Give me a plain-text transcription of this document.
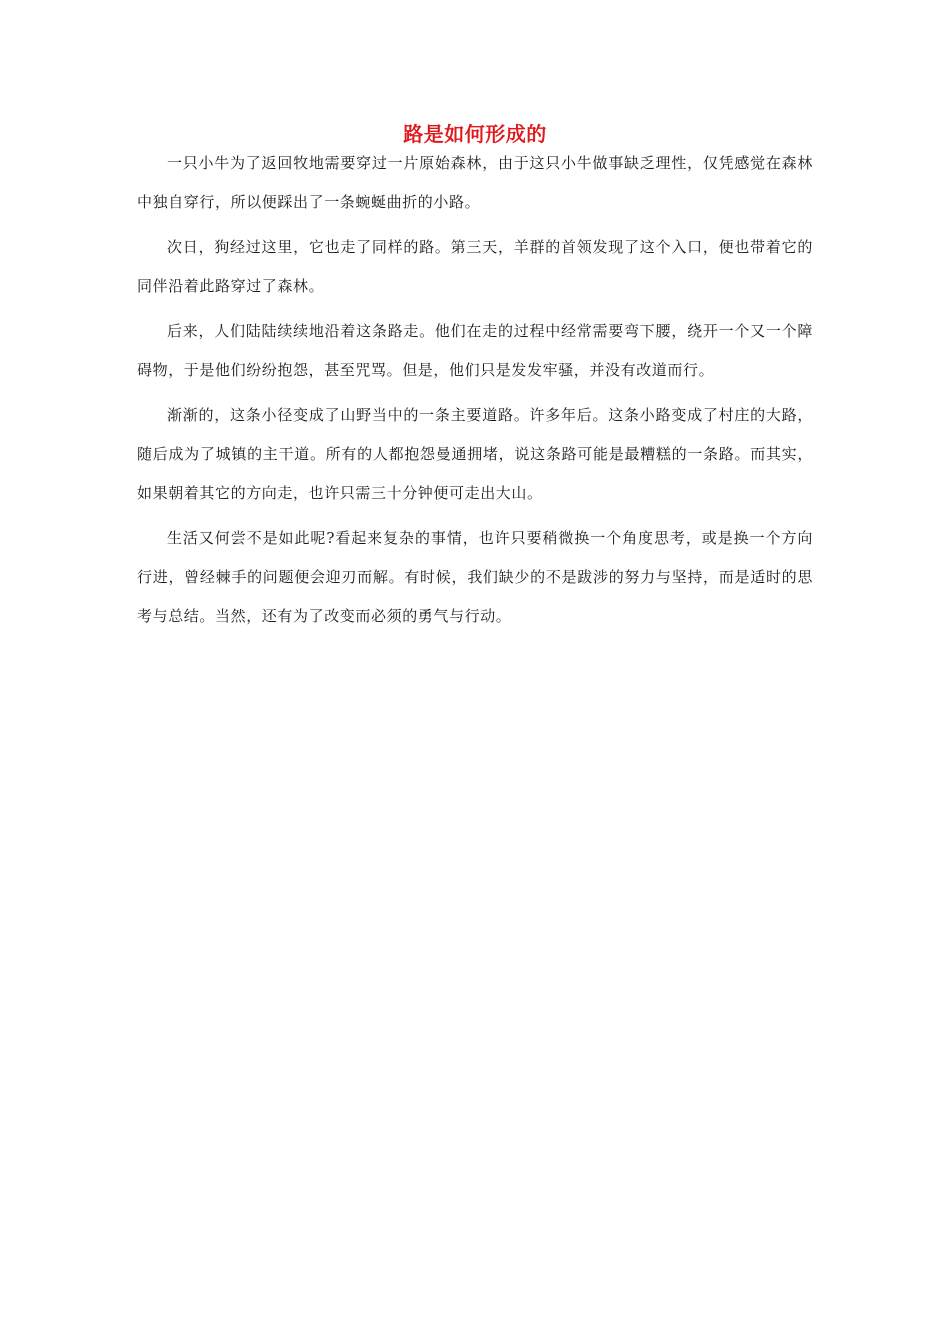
路是如何形成的

一只小牛为了返回牧地需要穿过一片原始森林，由于这只小牛做事缺乏理性，仅凭感觉在森林中独自穿行，所以便踩出了一条蜿蜒曲折的小路。

次日，狗经过这里，它也走了同样的路。第三天，羊群的首领发现了这个入口，便也带着它的同伴沿着此路穿过了森林。

后来，人们陆陆续续地沿着这条路走。他们在走的过程中经常需要弯下腰，绕开一个又一个障碍物，于是他们纷纷抱怨，甚至咒骂。但是，他们只是发发牢骚，并没有改道而行。

渐渐的，这条小径变成了山野当中的一条主要道路。许多年后。这条小路变成了村庄的大路，随后成为了城镇的主干道。所有的人都抱怨曼通拥堵，说这条路可能是最糟糕的一条路。而其实，如果朝着其它的方向走，也许只需三十分钟便可走出大山。

生活又何尝不是如此呢?看起来复杂的事情，也许只要稍微换一个角度思考，或是换一个方向行进，曾经棘手的问题便会迎刃而解。有时候，我们缺少的不是跋涉的努力与坚持，而是适时的思考与总结。当然，还有为了改变而必须的勇气与行动。
